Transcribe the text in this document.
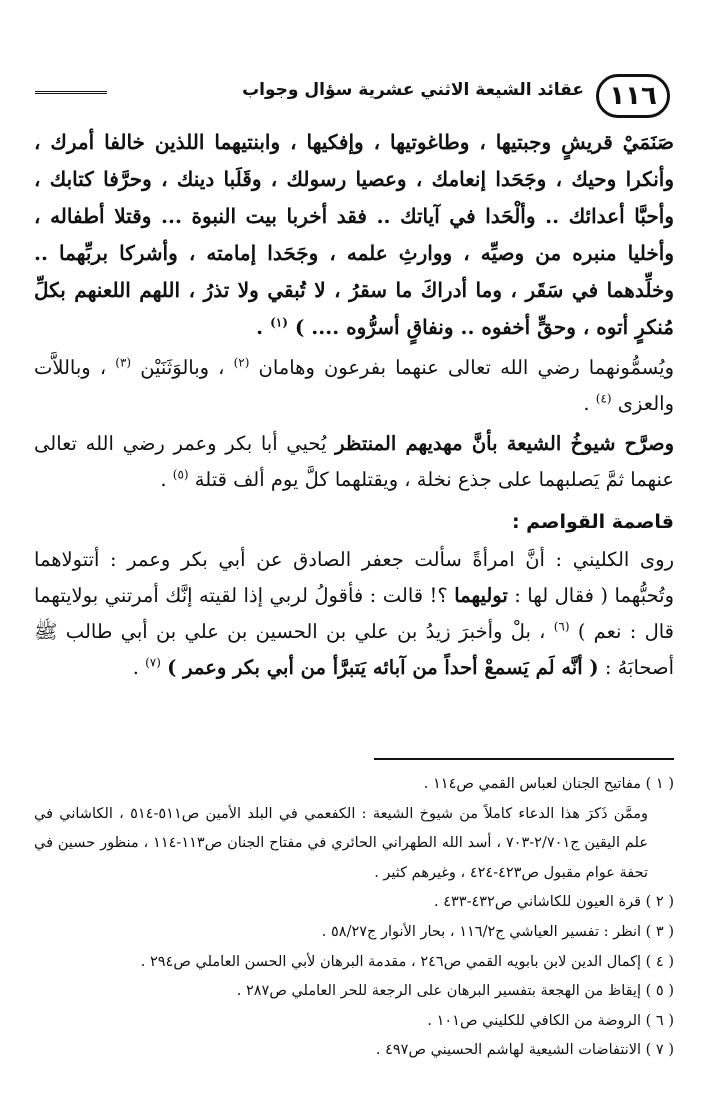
١١٦
عقائد الشيعة الاثني عشرية سؤال وجواب

صَنَمَيْ قريشٍ وجبتيها ، وطاغوتيها ، وإفكيها ، وابنتيهما اللذين خالفا أمرك ، وأنكرا وحيك ، وجَحَدا إنعامك ، وعصيا رسولك ، وقَلَبا دينك ، وحرَّفا كتابك ، وأحبَّا أعدائك .. وألْحَدا في آياتك .. فقد أخربا بيت النبوة ... وقتلا أطفاله ، وأخليا منبره من وصيِّه ، ووارثِ علمه ، وجَحَدا إمامته ، وأشركا بربِّهما .. وخلِّدهما في سَقَر ، وما أدراكَ ما سقرُ ، لا تُبقي ولا تذرُ ، اللهم اللعنهم بكلِّ مُنكرٍ أتوه ، وحقٍّ أخفوه .. ونفاقٍ أسرُّوه .... ) $^{(١)}$ .

ويُسمُّونهما رضي الله تعالى عنهما بفرعون وهامان $^{(٢)}$ ، وبالوَثَنَيْن $^{(٣)}$ ، وباللاَّت والعزى $^{(٤)}$ .

وصرَّح شيوخُ الشيعة بأنَّ مهديهم المنتظر يُحيي أبا بكر وعمر رضي الله تعالى عنهما ثمَّ يَصلبهما على جذع نخلة ، ويقتلهما كلَّ يوم ألف قتلة $^{(٥)}$ .

قاصمة القواصم :

روى الكليني : أنَّ امرأةً سألت جعفر الصادق عن أبي بكر وعمر : أتتولاهما وتُحبُّهما ( فقال لها : توليهما ؟! قالت : فأقولُ لربي إذا لقيته إنَّك أمرتني بولايتهما قال : نعم ) $^{(٦)}$ ، بلْ وأخبرَ زيدُ بن علي بن الحسين بن علي بن أبي طالب ﷺ أصحابَهُ : ( أنَّه لَم يَسمعْ أحداً من آبائه يَتبرَّأ من أبي بكر وعمر ) $^{(٧)}$ .

( ١ ) مفاتيح الجنان لعباس القمي ص١١٤ .

وممَّن ذَكرَ هذا الدعاء كاملاً من شيوخ الشيعة : الكفعمي في البلد الأمين ص٥١١-٥١٤ ، الكاشاني في علم اليقين ج٢/٧٠١-٧٠٣ ، أسد الله الطهراني الحائري في مفتاح الجنان ص١١٣-١١٤ ، منظور حسين في تحفة عوام مقبول ص٤٢٣-٤٢٤ ، وغيرهم كثير .

( ٢ ) قرة العيون للكاشاني ص٤٣٢-٤٣٣ .

( ٣ ) انظر : تفسير العياشي ج١١٦/٢ ، بحار الأنوار ج٥٨/٢٧ .

( ٤ ) إكمال الدين لابن بابويه القمي ص٢٤٦ ، مقدمة البرهان لأبي الحسن العاملي ص٢٩٤ .

( ٥ ) إيقاظ من الهجعة بتفسير البرهان على الرجعة للحر العاملي ص٢٨٧ .

( ٦ ) الروضة من الكافي للكليني ص١٠١ .

( ٧ ) الانتفاضات الشيعية لهاشم الحسيني ص٤٩٧ .
